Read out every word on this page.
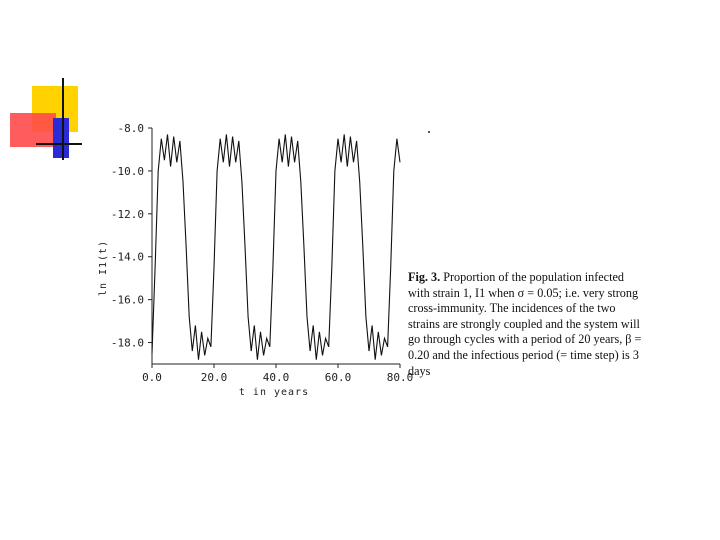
-8.0
-10.0
-12.0
-14.0
-16.0
-18.0
0.0	20.0	40.0	60.0	80.0
ln I1(t)
t in years
Fig. 3. Proportion of the population infected with strain 1, I1 when σ = 0.05; i.e. very strong cross-immunity. The incidences of the two strains are strongly coupled and the system will go through cycles with a period of 20 years, β = 0.20 and the infectious period (= time step) is 3 days
